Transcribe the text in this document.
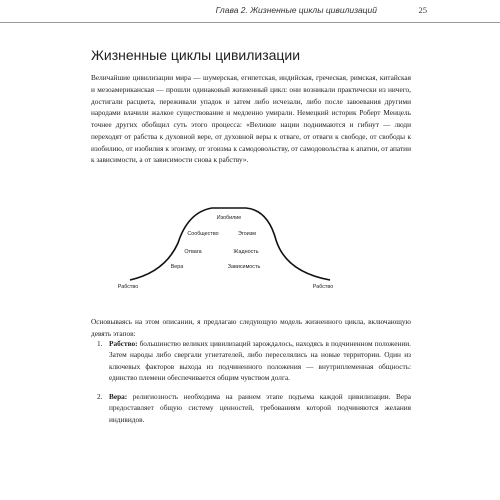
Глава 2. Жизненные циклы цивилизаций	25
Жизненные циклы цивилизации

Величайшие цивилизации мира — шумерская, египетская, индийская, греческая, римская, китайская и мезоамериканская — прошли одинаковый жизненный цикл: они возникали практически из ничего, достигали расцвета, переживали упадок и затем либо исчезали, либо после завоевания другими народами влачили жалкое существование и медленно умирали. Немецкий историк Роберт Менцель точнее других обобщил суть этого процесса: «Великие нации поднимаются и гибнут — люди переходят от рабства к духовной вере, от духовной веры к отваге, от отваги к свободе, от свободы к изобилию, от изобилия к эгоизму, от эгоизма к самодовольству, от самодовольства к апатии, от апатии к зависимости, а от зависимости снова к рабству».

Изобилие
Сообщество	Эгоизм
Отвага	Жадность
Вера	Зависимость
Рабство	Рабство

Основываясь на этом описании, я предлагаю следующую модель жизненного цикла, включающую девять этапов:

1. Рабство: большинство великих цивилизаций зарождалось, находясь в подчиненном положении. Затем народы либо свергали угнетателей, либо переселялись на новые территории. Один из ключевых факторов выхода из подчиненного положения — внутриплеменная общность: единство племени обеспечивается общим чувством долга.
2. Вера: религиозность необходима на раннем этапе подъема каждой цивилизации. Вера предоставляет общую систему ценностей, требованиям которой подчиняются желания индивидов.
